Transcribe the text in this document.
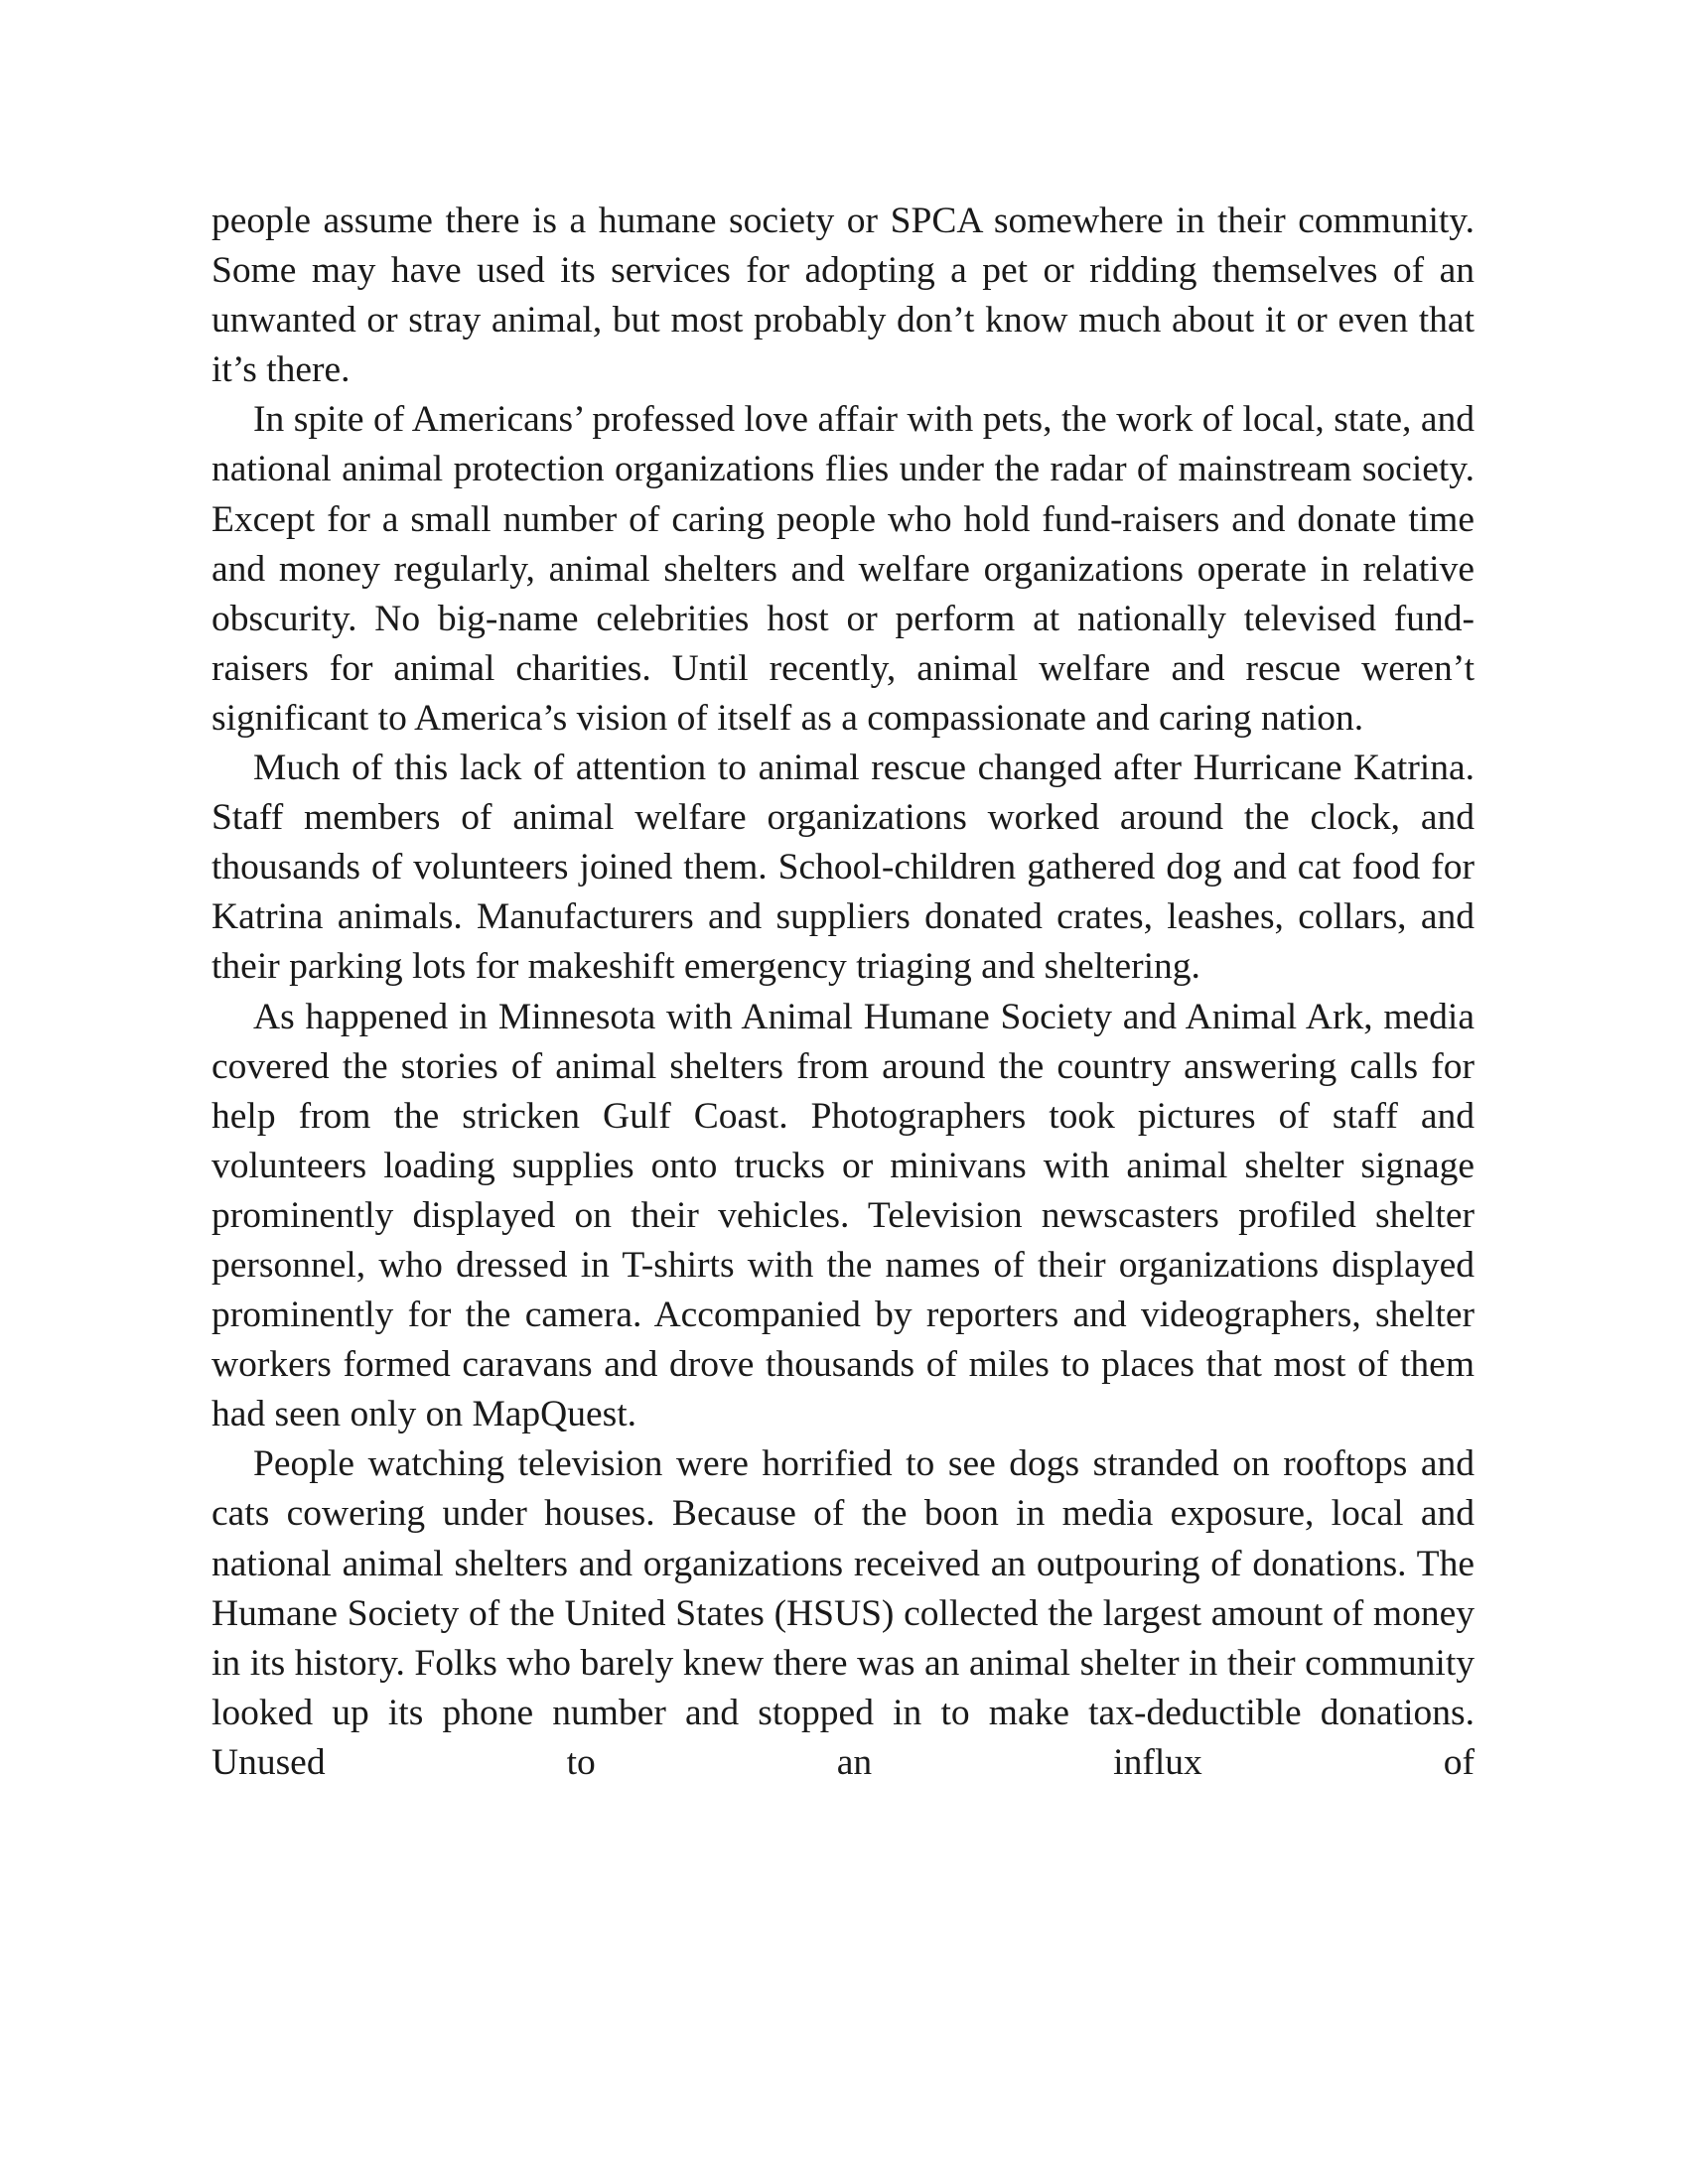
people assume there is a humane society or SPCA somewhere in their community. Some may have used its services for adopting a pet or ridding themselves of an unwanted or stray animal, but most probably don’t know much about it or even that it’s there.

In spite of Americans’ professed love affair with pets, the work of local, state, and national animal protection organizations flies under the radar of mainstream society. Except for a small number of caring people who hold fund-raisers and donate time and money regularly, animal shelters and welfare organizations operate in relative obscurity. No big-name celebrities host or perform at nationally televised fund-raisers for animal charities. Until recently, animal welfare and rescue weren’t significant to America’s vision of itself as a compassionate and caring nation.

Much of this lack of attention to animal rescue changed after Hurricane Katrina. Staff members of animal welfare organizations worked around the clock, and thousands of volunteers joined them. School-children gathered dog and cat food for Katrina animals. Manufacturers and suppliers donated crates, leashes, collars, and their parking lots for makeshift emergency triaging and sheltering.

As happened in Minnesota with Animal Humane Society and Animal Ark, media covered the stories of animal shelters from around the country answering calls for help from the stricken Gulf Coast. Photographers took pictures of staff and volunteers loading supplies onto trucks or minivans with animal shelter signage prominently displayed on their vehicles. Television newscasters profiled shelter personnel, who dressed in T-shirts with the names of their organizations displayed prominently for the camera. Accompanied by reporters and videographers, shelter workers formed caravans and drove thousands of miles to places that most of them had seen only on MapQuest.

People watching television were horrified to see dogs stranded on rooftops and cats cowering under houses. Because of the boon in media exposure, local and national animal shelters and organizations received an outpouring of donations. The Humane Society of the United States (HSUS) collected the largest amount of money in its history. Folks who barely knew there was an animal shelter in their community looked up its phone number and stopped in to make tax-deductible donations. Unused to an influx of
